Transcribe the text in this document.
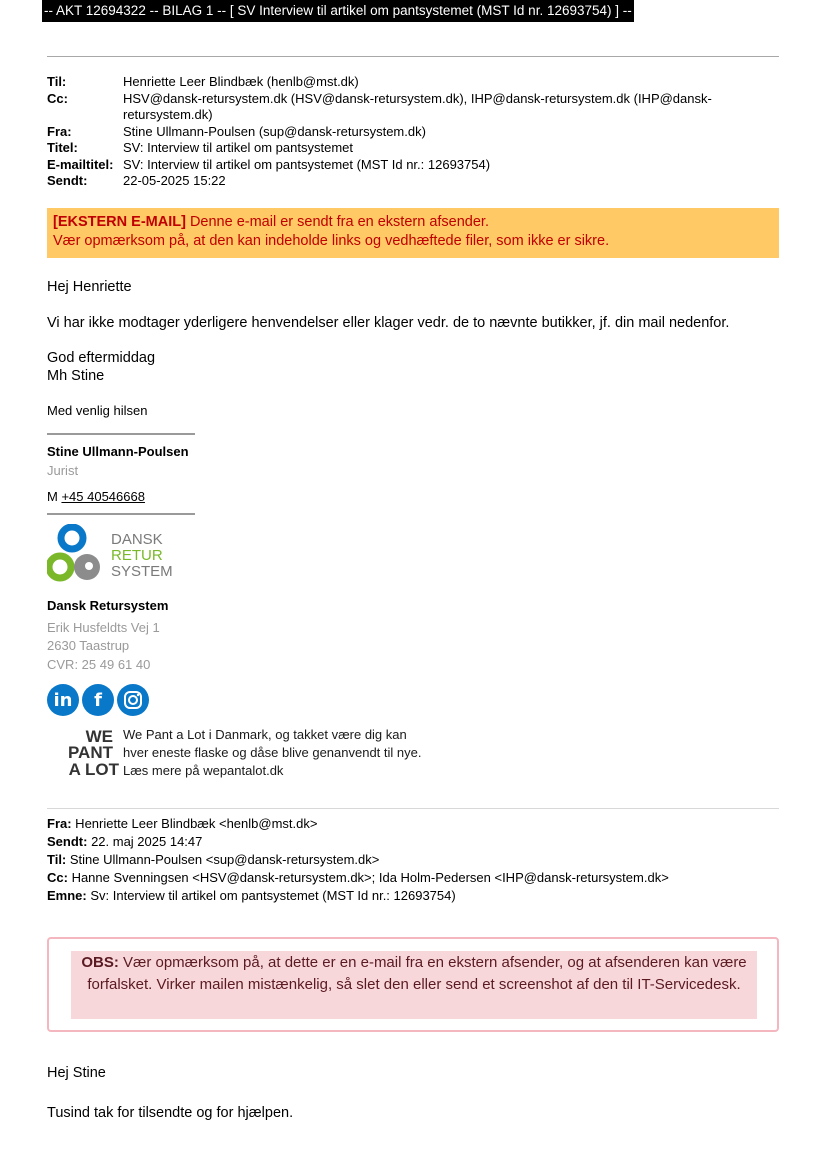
-- AKT 12694322 -- BILAG 1 -- [ SV Interview til artikel om pantsystemet (MST Id nr. 12693754) ] --
Til:	Henriette Leer Blindbæk (henlb@mst.dk)
Cc:	HSV@dansk-retursystem.dk (HSV@dansk-retursystem.dk), IHP@dansk-retursystem.dk (IHP@dansk-retursystem.dk)
Fra:	Stine Ullmann-Poulsen (sup@dansk-retursystem.dk)
Titel:	SV: Interview til artikel om pantsystemet
E-mailtitel: SV: Interview til artikel om pantsystemet (MST Id nr.: 12693754)
Sendt:	22-05-2025 15:22
[EKSTERN E-MAIL] Denne e-mail er sendt fra en ekstern afsender.
Vær opmærksom på, at den kan indeholde links og vedhæftede filer, som ikke er sikre.
Hej Henriette
Vi har ikke modtager yderligere henvendelser eller klager vedr. de to nævnte butikker, jf. din mail nedenfor.
God eftermiddag
Mh Stine
Med venlig hilsen
Stine Ullmann-Poulsen
Jurist
M +45 40546668
DANSK
RETUR
SYSTEM
Dansk Retursystem
Erik Husfeldts Vej 1
2630 Taastrup
CVR: 25 49 61 40
in	f
WE
PANT
A LOT
We Pant a Lot i Danmark, og takket være dig kan
hver eneste flaske og dåse blive genanvendt til nye.
Læs mere på wepantalot.dk
Fra: Henriette Leer Blindbæk <henlb@mst.dk>
Sendt: 22. maj 2025 14:47
Til: Stine Ullmann-Poulsen <sup@dansk-retursystem.dk>
Cc: Hanne Svenningsen <HSV@dansk-retursystem.dk>; Ida Holm-Pedersen <IHP@dansk-retursystem.dk>
Emne: Sv: Interview til artikel om pantsystemet (MST Id nr.: 12693754)
OBS: Vær opmærksom på, at dette er en e-mail fra en ekstern afsender, og at afsenderen kan være forfalsket. Virker mailen mistænkelig, så slet den eller send et screenshot af den til IT-Servicedesk.
Hej Stine
Tusind tak for tilsendte og for hjælpen.
